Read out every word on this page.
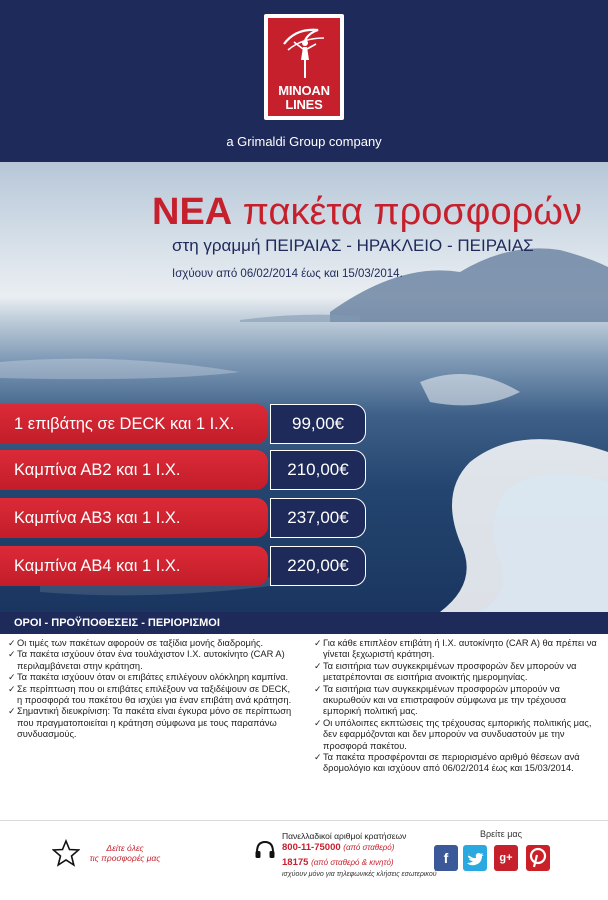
MINOAN
LINES
a Grimaldi Group company
ΝΕΑ πακέτα προσφορών
στη γραμμή ΠΕΙΡΑΙΑΣ - ΗΡΑΚΛΕΙΟ - ΠΕΙΡΑΙΑΣ
Ισχύουν από 06/02/2014 έως και 15/03/2014.
1 επιβάτης σε DECK και 1 Ι.Χ.	99,00€
Καμπίνα ΑΒ2 και 1 Ι.Χ.	210,00€
Καμπίνα ΑΒ3 και 1 Ι.Χ.	237,00€
Καμπίνα ΑΒ4 και 1 Ι.Χ.	220,00€
ΟΡΟΙ - ΠΡΟΫΠΟΘΕΣΕΙΣ - ΠΕΡΙΟΡΙΣΜΟΙ
✓ Οι τιμές των πακέτων αφορούν σε ταξίδια μονής διαδρομής.
✓ Τα πακέτα ισχύουν όταν ένα τουλάχιστον Ι.Χ. αυτοκίνητο (CAR A) περιλαμβάνεται στην κράτηση.
✓ Τα πακέτα ισχύουν όταν οι επιβάτες επιλέγουν ολόκληρη καμπίνα.
✓ Σε περίπτωση που οι επιβάτες επιλέξουν να ταξιδέψουν σε DECK, η προσφορά του πακέτου θα ισχύει για έναν επιβάτη ανά κράτηση.
✓ Σημαντική διευκρίνιση: Τα πακέτα είναι έγκυρα μόνο σε περίπτωση που πραγματοποιείται η κράτηση σύμφωνα με τους παραπάνω συνδυασμούς.
✓ Για κάθε επιπλέον επιβάτη ή Ι.Χ. αυτοκίνητο (CAR A) θα πρέπει να γίνεται ξεχωριστή κράτηση.
✓ Τα εισιτήρια των συγκεκριμένων προσφορών δεν μπορούν να μετατρέπονται σε εισιτήρια ανοικτής ημερομηνίας.
✓ Τα εισιτήρια των συγκεκριμένων προσφορών μπορούν να ακυρωθούν και να επιστραφούν σύμφωνα με την τρέχουσα εμπορική πολιτική μας.
✓ Οι υπόλοιπες εκπτώσεις της τρέχουσας εμπορικής πολιτικής μας, δεν εφαρμόζονται και δεν μπορούν να συνδυαστούν με την προσφορά πακέτου.
✓ Τα πακέτα προσφέρονται σε περιορισμένο αριθμό θέσεων ανά δρομολόγιο και ισχύουν από 06/02/2014 έως και 15/03/2014.
Δείτε όλες
τις προσφορές μας
Πανελλαδικοί αριθμοί κρατήσεων
800-11-75000 (από σταθερό)
18175 (από σταθερό & κινητό)
ισχύουν μόνο για τηλεφωνικές κλήσεις εσωτερικού
Βρείτε μας
f	g+
